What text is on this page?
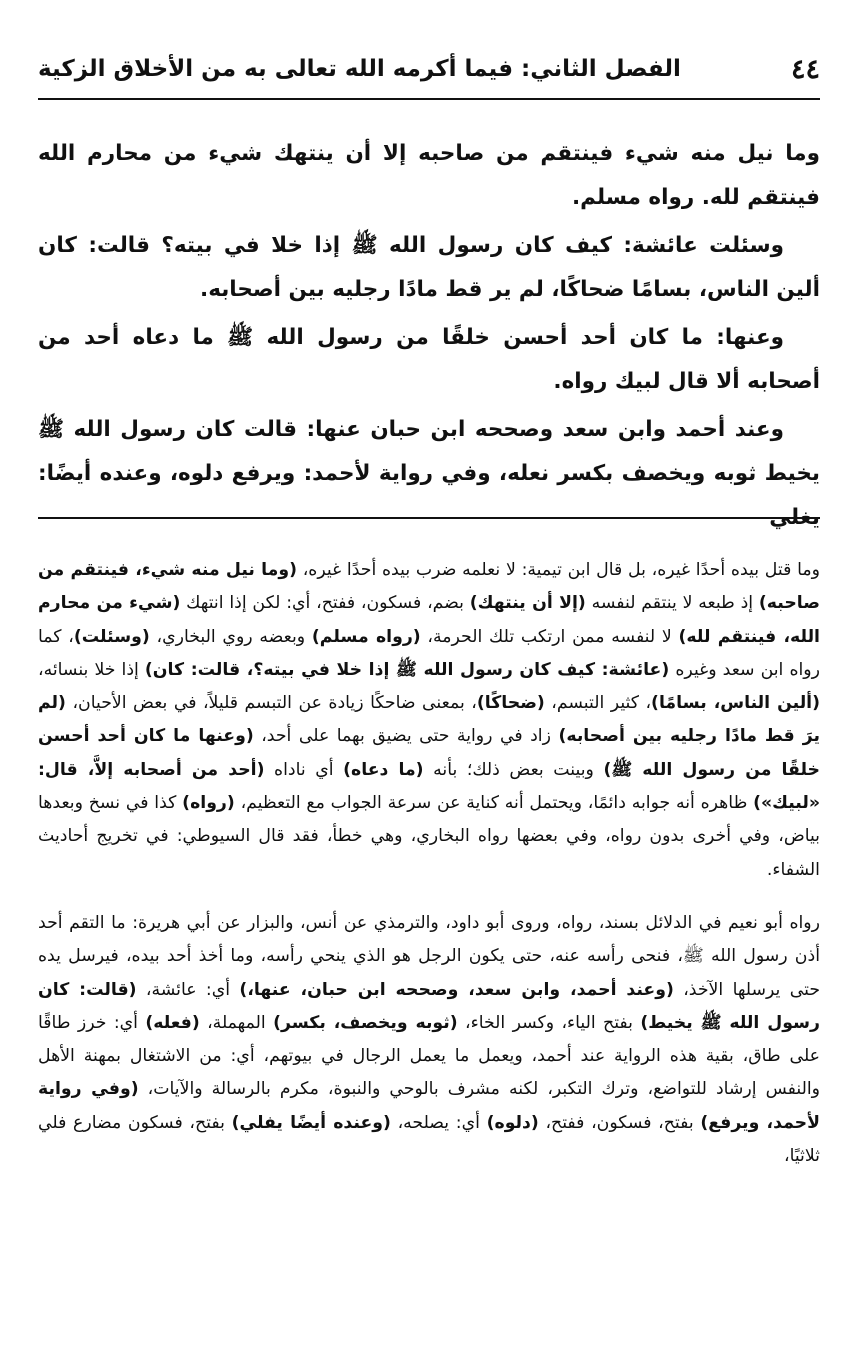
٤٤
الفصل الثاني: فيما أكرمه الله تعالى به من الأخلاق الزكية

وما نيل منه شيء فينتقم من صاحبه إلا أن ينتهك شيء من محارم الله فينتقم لله. رواه مسلم.

وسئلت عائشة: كيف كان رسول الله ﷺ إذا خلا في بيته؟ قالت: كان ألين الناس، بسامًا ضحاكًا، لم ير قط مادًا رجليه بين أصحابه.

وعنها: ما كان أحد أحسن خلقًا من رسول الله ﷺ ما دعاه أحد من أصحابه ألا قال لبيك رواه.

وعند أحمد وابن سعد وصححه ابن حبان عنها: قالت كان رسول الله ﷺ يخيط ثوبه ويخصف بكسر نعله، وفي رواية لأحمد: ويرفع دلوه، وعنده أيضًا: يغلي

وما قتل بيده أحدًا غيره، بل قال ابن تيمية: لا نعلمه ضرب بيده أحدًا غيره، (وما نيل منه شيء، فينتقم من صاحبه) إذ طبعه لا ينتقم لنفسه (إلا أن ينتهك) بضم، فسكون، ففتح، أي: لكن إذا انتهك (شيء من محارم الله، فينتقم لله) لا لنفسه ممن ارتكب تلك الحرمة، (رواه مسلم) وبعضه روي البخاري، (وسئلت)، كما رواه ابن سعد وغيره (عائشة: كيف كان رسول الله ﷺ إذا خلا في بيته؟، قالت: كان) إذا خلا بنسائه، (ألين الناس، بسامًا)، كثير التبسم، (ضحاكًا)، بمعنى ضاحكًا زيادة عن التبسم قليلاً، في بعض الأحيان، (لم يرَ قط مادًا رجليه بين أصحابه) زاد في رواية حتى يضيق بهما على أحد، (وعنها ما كان أحد أحسن خلقًا من رسول الله ﷺ) وبينت بعض ذلك؛ بأنه (ما دعاه) أي ناداه (أحد من أصحابه إلاَّ، قال: «لبيك») ظاهره أنه جوابه دائمًا، ويحتمل أنه كناية عن سرعة الجواب مع التعظيم، (رواه) كذا في نسخ وبعدها بياض، وفي أخرى بدون رواه، وفي بعضها رواه البخاري، وهي خطأ، فقد قال السيوطي: في تخريج أحاديث الشفاء.

رواه أبو نعيم في الدلائل بسند، رواه، وروى أبو داود، والترمذي عن أنس، والبزار عن أبي هريرة: ما التقم أحد أذن رسول الله ﷺ، فنحى رأسه عنه، حتى يكون الرجل هو الذي ينحي رأسه، وما أخذ أحد بيده، فيرسل يده حتى يرسلها الآخذ، (وعند أحمد، وابن سعد، وصححه ابن حبان، عنها،) أي: عائشة، (قالت: كان رسول الله ﷺ يخيط) بفتح الياء، وكسر الخاء، (ثوبه ويخصف، بكسر) المهملة، (فعله) أي: خرز طاقًا على طاق، بقية هذه الرواية عند أحمد، ويعمل ما يعمل الرجال في بيوتهم، أي: من الاشتغال بمهنة الأهل والنفس إرشاد للتواضع، وترك التكبر، لكنه مشرف بالوحي والنبوة، مكرم بالرسالة والآيات، (وفي رواية لأحمد، ويرفع) بفتح، فسكون، ففتح، (دلوه) أي: يصلحه، (وعنده أيضًا يفلي) بفتح، فسكون مضارع فلي ثلاثيًا،
